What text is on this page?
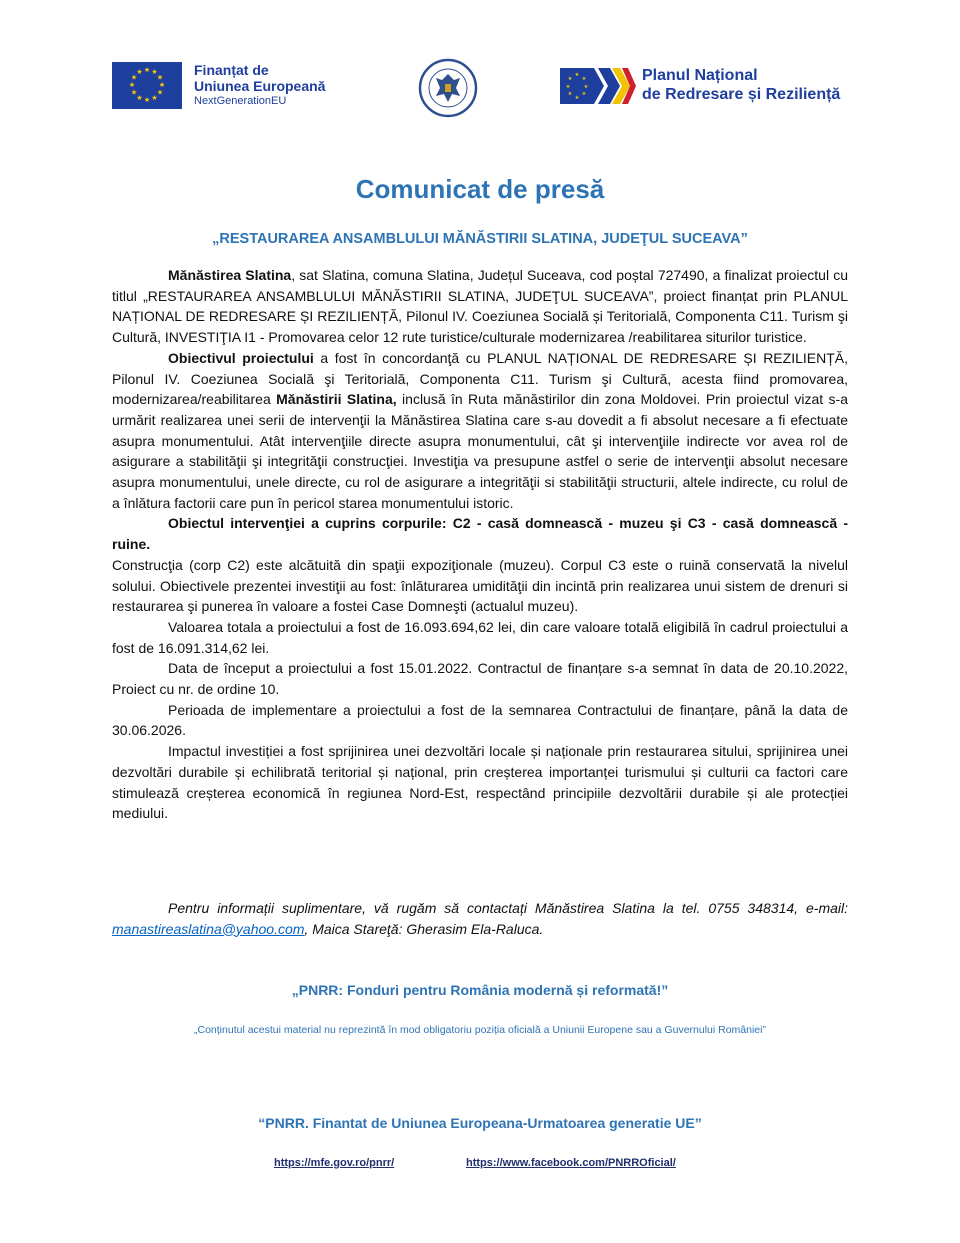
★ ★
★
★
★
★
★
★
★
★
★
★	Finanțat de
Uniunea Europeană
NextGenerationEU
★
★
★
★
★
★
★
★	Planul Național
de Redresare și Reziliență
Comunicat de presă
„RESTAURAREA ANSAMBLULUI MĂNĂSTIRII SLATINA, JUDEŢUL SUCEAVA”

Mănăstirea Slatina, sat Slatina, comuna Slatina, Județul Suceava, cod poștal 727490, a finalizat proiectul cu titlul „RESTAURAREA ANSAMBLULUI MĂNĂSTIRII SLATINA, JUDEŢUL SUCEAVA”, proiect finanțat prin PLANUL NAȚIONAL DE REDRESARE ȘI REZILIENȚĂ, Pilonul IV. Coeziunea Socială și Teritorială, Componenta C11. Turism şi Cultură, INVESTIŢIA I1 - Promovarea celor 12 rute turistice/culturale modernizarea /reabilitarea siturilor turistice.

Obiectivul proiectului a fost în concordanţă cu PLANUL NAȚIONAL DE REDRESARE ȘI REZILIENȚĂ, Pilonul IV. Coeziunea Socială şi Teritorială, Componenta C11. Turism şi Cultură, acesta fiind promovarea, modernizarea/reabilitarea Mănăstirii Slatina, inclusă în Ruta mănăstirilor din zona Moldovei. Prin proiectul vizat s-a urmărit realizarea unei serii de intervenţii la Mănăstirea Slatina care s-au dovedit a fi absolut necesare a fi efectuate asupra monumentului. Atât intervenţiile directe asupra monumentului, cât şi intervenţiile indirecte vor avea rol de asigurare a stabilităţii şi integrităţii construcţiei. Investiţia va presupune astfel o serie de intervenţii absolut necesare asupra monumentului, unele directe, cu rol de asigurare a integrităţii si stabilităţii structurii, altele indirecte, cu rolul de a înlătura factorii care pun în pericol starea monumentului istoric.

Obiectul intervenţiei a cuprins corpurile: C2 - casă domnească - muzeu şi C3 - casă domnească - ruine.

Construcţia (corp C2) este alcătuită din spaţii expoziţionale (muzeu). Corpul C3 este o ruină conservată la nivelul solului. Obiectivele prezentei investiţii au fost: înlăturarea umidităţii din incintă prin realizarea unui sistem de drenuri si restaurarea şi punerea în valoare a fostei Case Domneşti (actualul muzeu).

Valoarea totala a proiectului a fost de 16.093.694,62 lei, din care valoare totală eligibilă în cadrul proiectului a fost de 16.091.314,62 lei.

Data de început a proiectului a fost 15.01.2022. Contractul de finanțare s-a semnat în data de 20.10.2022, Proiect cu nr. de ordine 10.

Perioada de implementare a proiectului a fost de la semnarea Contractului de finanțare, până la data de 30.06.2026.

Impactul investiției a fost sprijinirea unei dezvoltări locale și naționale prin restaurarea sitului, sprijinirea unei dezvoltări durabile și echilibrată teritorial și național, prin creșterea importanței turismului și culturii ca factori care stimulează creșterea economică în regiunea Nord-Est, respectând principiile dezvoltării durabile și ale protecției mediului.

Pentru informații suplimentare, vă rugăm să contactați Mănăstirea Slatina la tel. 0755 348314, e-mail: manastireaslatina@yahoo.com, Maica Stareţă: Gherasim Ela-Raluca.

„PNRR: Fonduri pentru România modernă și reformată!”
„Conținutul acestui material nu reprezintă în mod obligatoriu poziția oficială a Uniunii Europene sau a Guvernului României”
“PNRR. Finantat de Uniunea Europeana-Urmatoarea generatie UE”
https://mfe.gov.ro/pnrr/	https://www.facebook.com/PNRROficial/
